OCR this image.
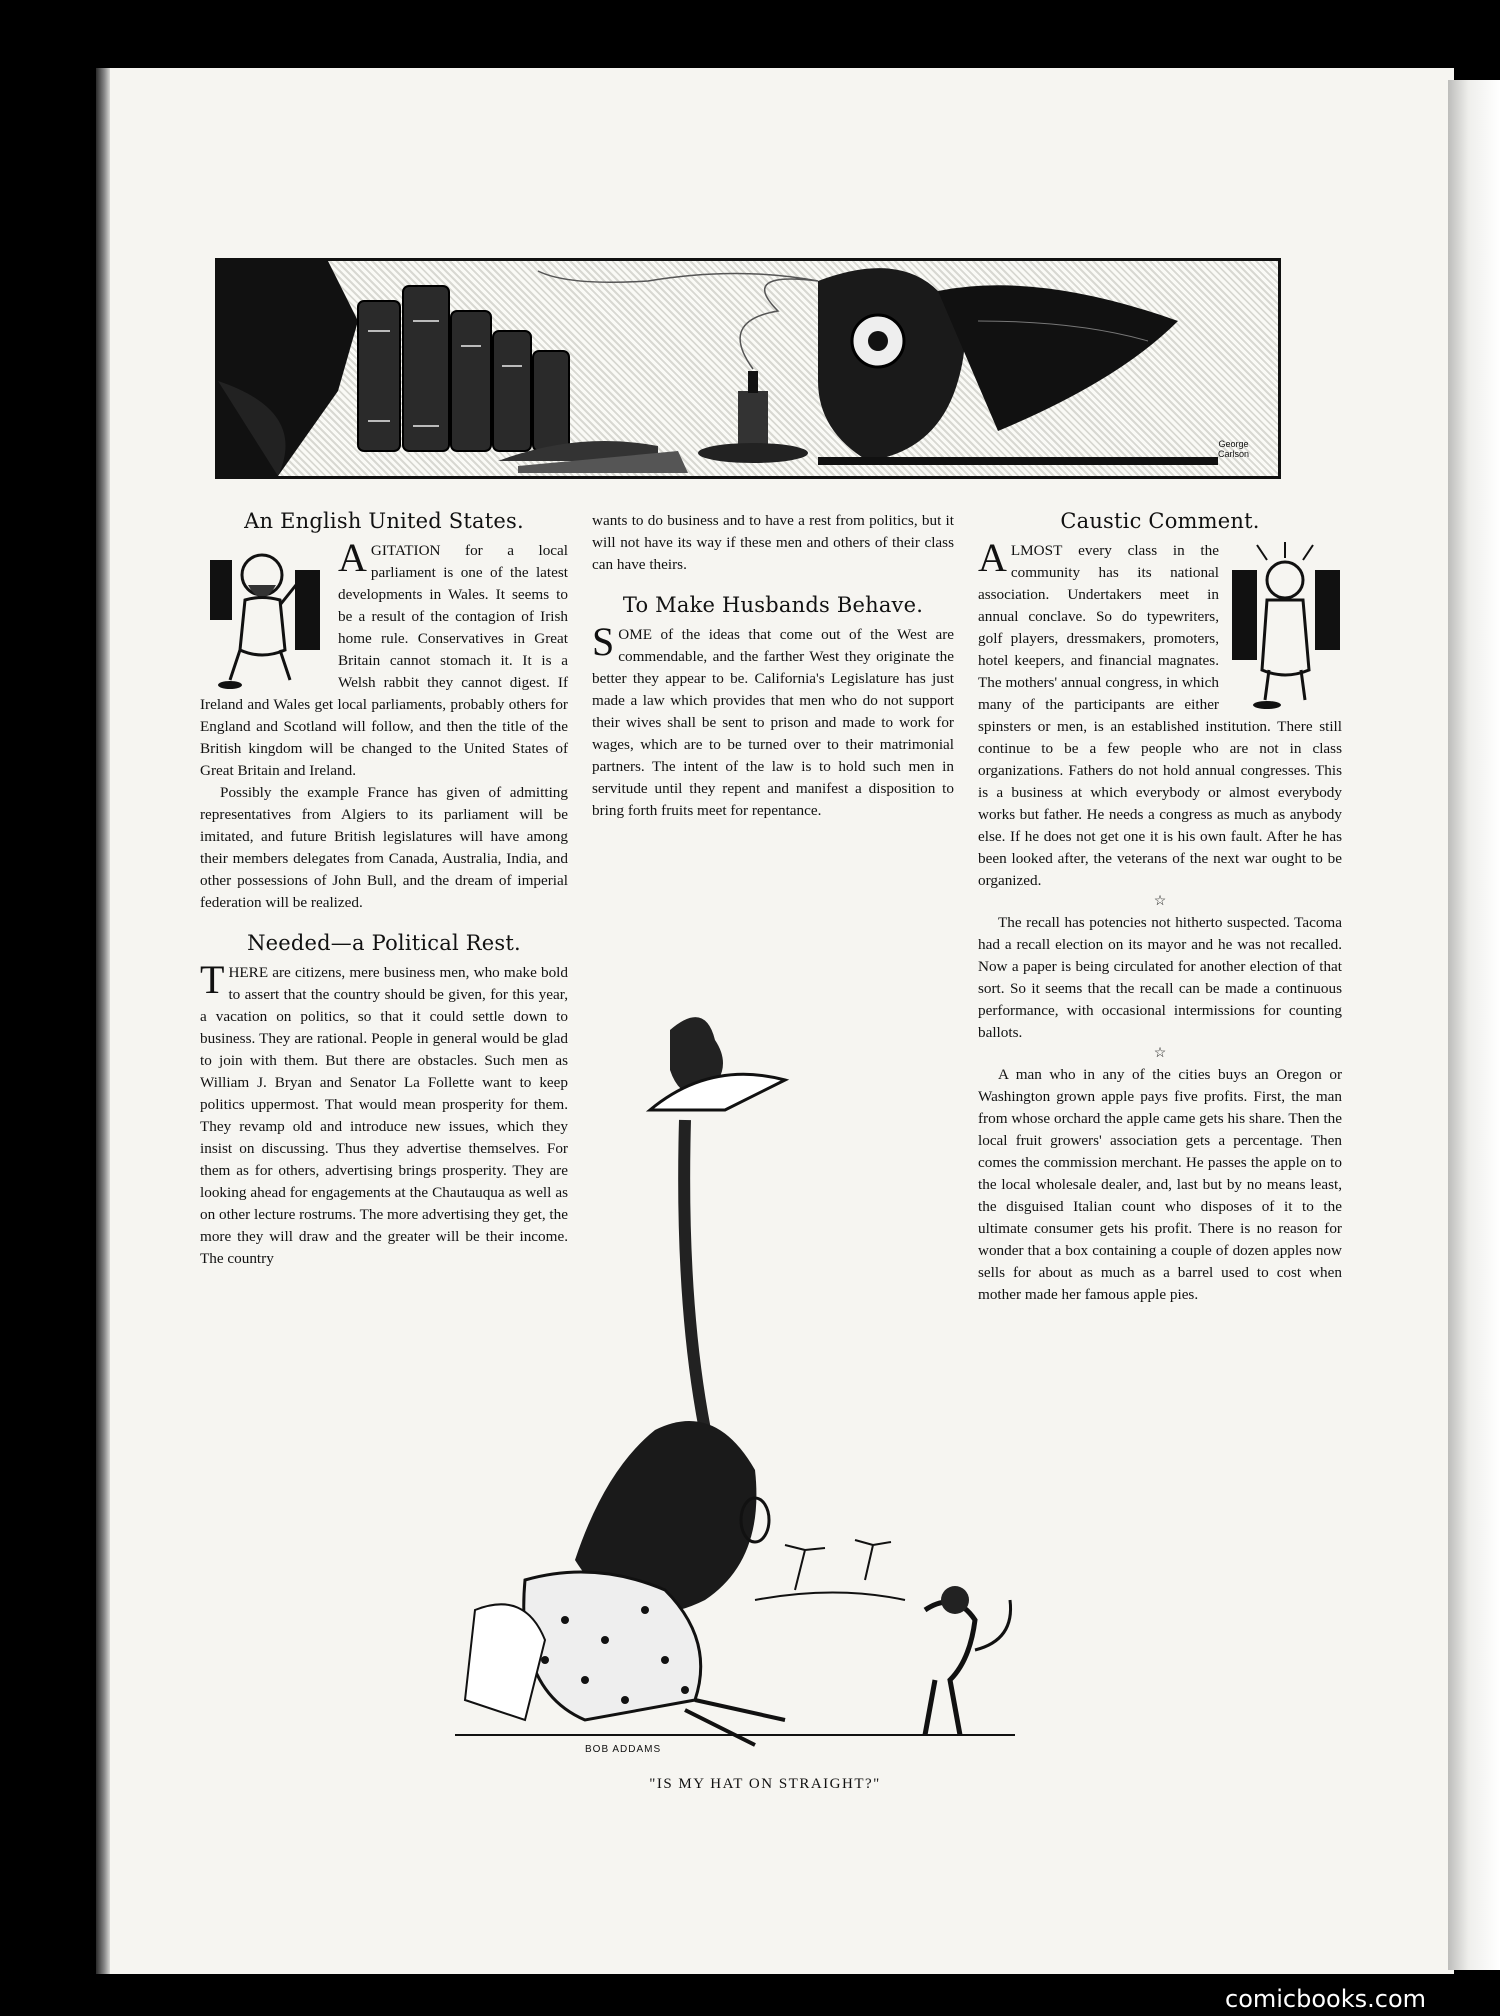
George
Carlson
An English United States.

AGITATION for a local parliament is one of the latest developments in Wales. It seems to be a result of the contagion of Irish home rule. Conservatives in Great Britain cannot stomach it. It is a Welsh rabbit they cannot digest. If Ireland and Wales get local parliaments, probably others for England and Scotland will follow, and then the title of the British kingdom will be changed to the United States of Great Britain and Ireland.

Possibly the example France has given of admitting representatives from Algiers to its parliament will be imitated, and future British legislatures will have among their members delegates from Canada, Australia, India, and other possessions of John Bull, and the dream of imperial federation will be realized.

Needed—a Political Rest.

THERE are citizens, mere business men, who make bold to assert that the country should be given, for this year, a vacation on politics, so that it could settle down to business. They are rational. People in general would be glad to join with them. But there are obstacles. Such men as William J. Bryan and Senator La Follette want to keep politics uppermost. That would mean prosperity for them. They revamp old and introduce new issues, which they insist on discussing. Thus they advertise themselves. For them as for others, advertising brings prosperity. They are looking ahead for engagements at the Chautauqua as well as on other lecture rostrums. The more advertising they get, the more they will draw and the greater will be their income. The country

wants to do business and to have a rest from politics, but it will not have its way if these men and others of their class can have theirs.

To Make Husbands Behave.

SOME of the ideas that come out of the West are commendable, and the farther West they originate the better they appear to be. California's Legislature has just made a law which provides that men who do not support their wives shall be sent to prison and made to work for wages, which are to be turned over to their matrimonial partners. The intent of the law is to hold such men in servitude until they repent and manifest a disposition to bring forth fruits meet for repentance.

Caustic Comment.

ALMOST every class in the community has its national association. Undertakers meet in annual conclave. So do typewriters, golf players, dressmakers, promoters, hotel keepers, and financial magnates. The mothers' annual congress, in which many of the participants are either spinsters or men, is an established institution. There still continue to be a few people who are not in class organizations. Fathers do not hold annual congresses. This is a business at which everybody or almost everybody works but father. He needs a congress as much as anybody else. If he does not get one it is his own fault. After he has been looked after, the veterans of the next war ought to be organized.

☆

The recall has potencies not hitherto suspected. Tacoma had a recall election on its mayor and he was not recalled. Now a paper is being circulated for another election of that sort. So it seems that the recall can be made a continuous performance, with occasional intermissions for counting ballots.

☆

A man who in any of the cities buys an Oregon or Washington grown apple pays five profits. First, the man from whose orchard the apple came gets his share. Then the local fruit growers' association gets a percentage. Then comes the commission merchant. He passes the apple on to the local wholesale dealer, and, last but by no means least, the disguised Italian count who disposes of it to the ultimate consumer gets his profit. There is no reason for wonder that a box containing a couple of dozen apples now sells for about as much as a barrel used to cost when mother made her famous apple pies.

BOB ADDAMS
"IS MY HAT ON STRAIGHT?"
comicbooks.com
